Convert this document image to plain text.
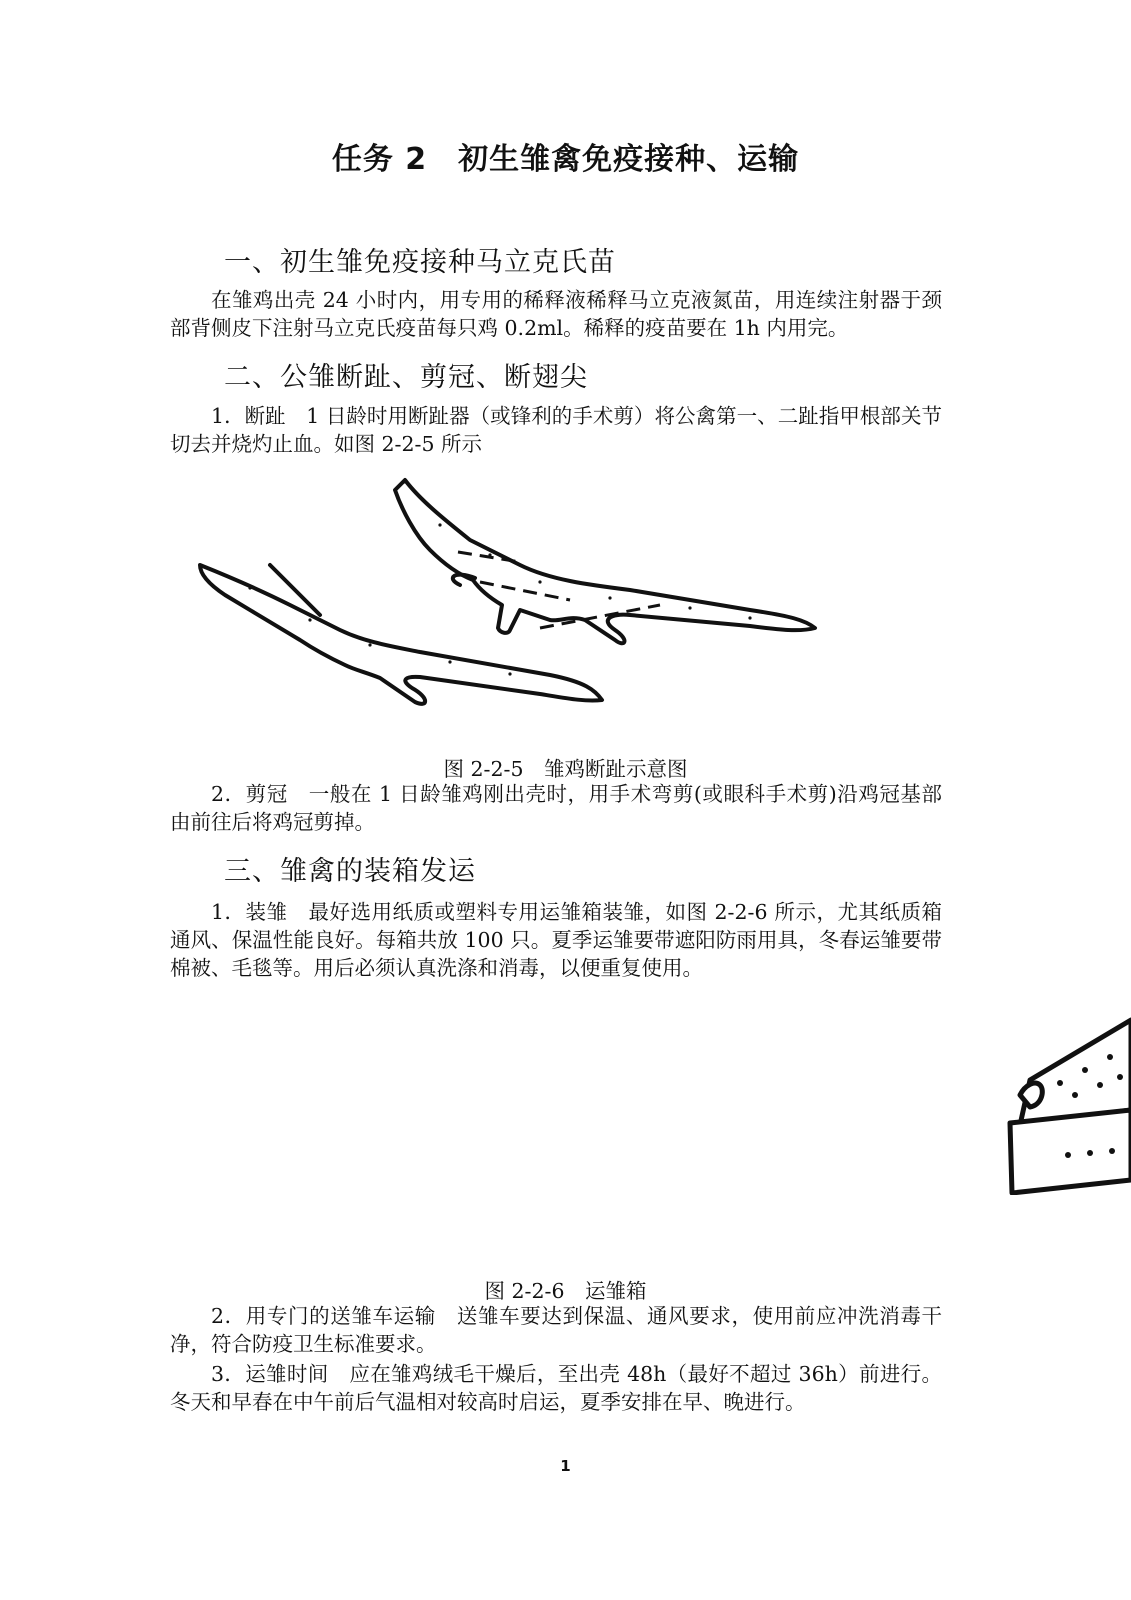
任务 2　初生雏禽免疫接种、运输
一、初生雏免疫接种马立克氏苗
在雏鸡出壳 24 小时内，用专用的稀释液稀释马立克液氮苗，用连续注射器于颈部背侧皮下注射马立克氏疫苗每只鸡 0.2ml。稀释的疫苗要在 1h 内用完。
二、公雏断趾、剪冠、断翅尖
1．断趾　1 日龄时用断趾器（或锋利的手术剪）将公禽第一、二趾指甲根部关节切去并烧灼止血。如图 2-2-5 所示
图 2-2-5　雏鸡断趾示意图
2．剪冠　一般在 1 日龄雏鸡刚出壳时，用手术弯剪(或眼科手术剪)沿鸡冠基部由前往后将鸡冠剪掉。
三、雏禽的装箱发运
1．装雏　最好选用纸质或塑料专用运雏箱装雏，如图 2-2-6 所示，尤其纸质箱通风、保温性能良好。每箱共放 100 只。夏季运雏要带遮阳防雨用具，冬春运雏要带棉被、毛毯等。用后必须认真洗涤和消毒，以便重复使用。
图 2-2-6　运雏箱
2．用专门的送雏车运输　送雏车要达到保温、通风要求，使用前应冲洗消毒干净，符合防疫卫生标准要求。
3．运雏时间　应在雏鸡绒毛干燥后，至出壳 48h（最好不超过 36h）前进行。冬天和早春在中午前后气温相对较高时启运，夏季安排在早、晚进行。
1
